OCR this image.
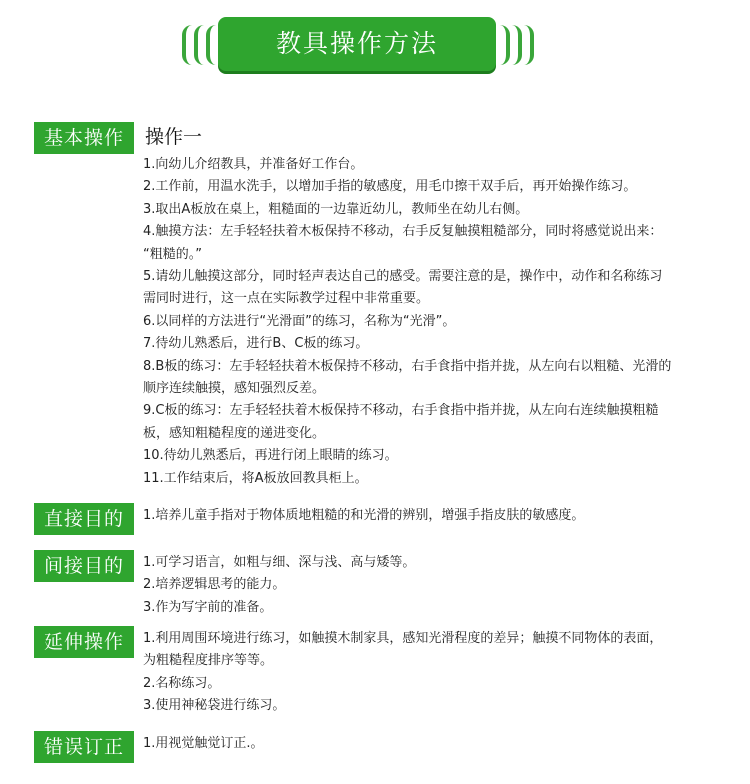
教具操作方法
基本操作	操作一
1.向幼儿介绍教具，并准备好工作台。
2.工作前，用温水洗手，以增加手指的敏感度，用毛巾擦干双手后，再开始操作练习。
3.取出A板放在桌上，粗糙面的一边靠近幼儿，教师坐在幼儿右侧。
4.触摸方法：左手轻轻扶着木板保持不移动，右手反复触摸粗糙部分，同时将感觉说出来：
“粗糙的。”
5.请幼儿触摸这部分，同时轻声表达自己的感受。需要注意的是，操作中，动作和名称练习
需同时进行，这一点在实际教学过程中非常重要。
6.以同样的方法进行“光滑面”的练习，名称为“光滑”。
7.待幼儿熟悉后，进行B、C板的练习。
8.B板的练习：左手轻轻扶着木板保持不移动，右手食指中指并拢，从左向右以粗糙、光滑的
顺序连续触摸，感知强烈反差。
9.C板的练习：左手轻轻扶着木板保持不移动，右手食指中指并拢，从左向右连续触摸粗糙
板，感知粗糙程度的递进变化。
10.待幼儿熟悉后，再进行闭上眼睛的练习。
11.工作结束后，将A板放回教具柜上。
直接目的	1.培养儿童手指对于物体质地粗糙的和光滑的辨别，增强手指皮肤的敏感度。
间接目的	1.可学习语言，如粗与细、深与浅、高与矮等。
2.培养逻辑思考的能力。
3.作为写字前的准备。
延伸操作	1.利用周围环境进行练习，如触摸木制家具，感知光滑程度的差异；触摸不同物体的表面，
为粗糙程度排序等等。
2.名称练习。
3.使用神秘袋进行练习。
错误订正	1.用视觉触觉订正.。
